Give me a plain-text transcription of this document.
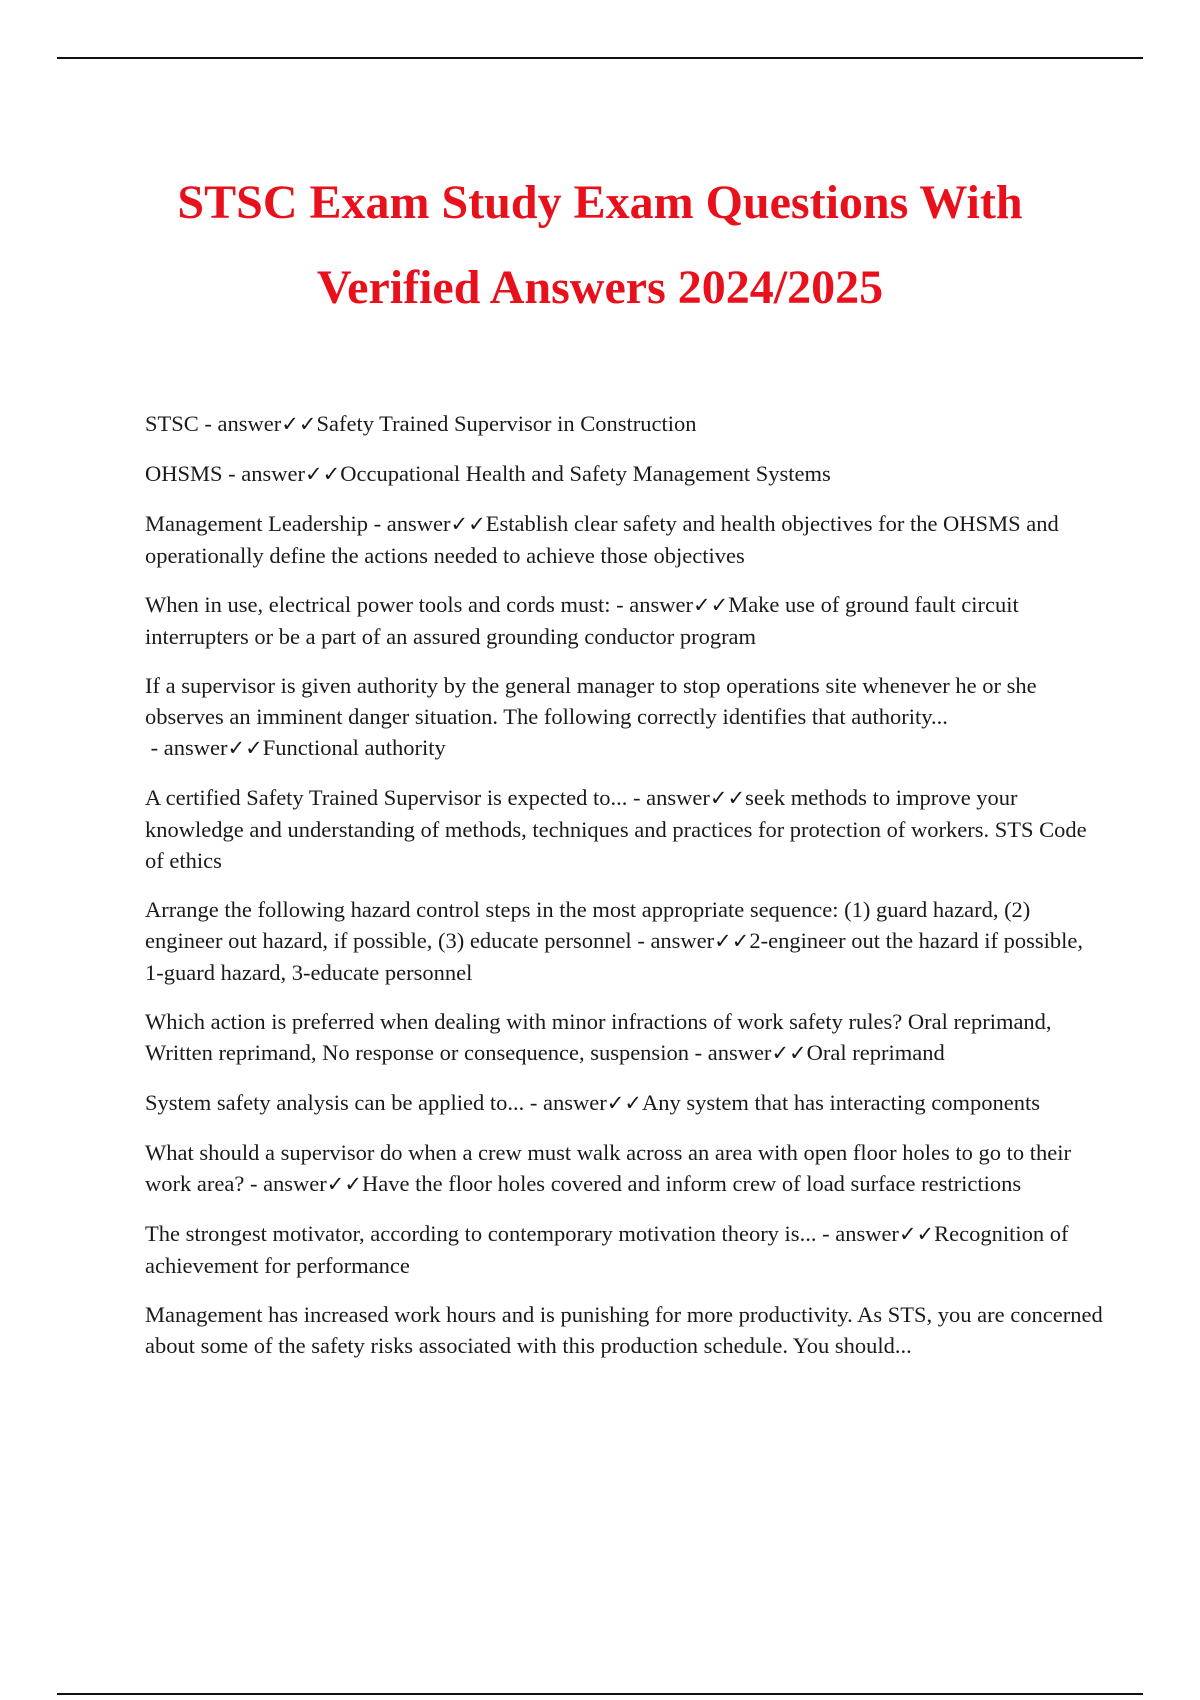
STSC Exam Study Exam Questions With
Verified Answers 2024/2025

STSC - answer✓✓Safety Trained Supervisor in Construction

OHSMS - answer✓✓Occupational Health and Safety Management Systems

Management Leadership - answer✓✓Establish clear safety and health objectives for the OHSMS and operationally define the actions needed to achieve those objectives

When in use, electrical power tools and cords must: - answer✓✓Make use of ground fault circuit interrupters or be a part of an assured grounding conductor program

If a supervisor is given authority by the general manager to stop operations site whenever he or she observes an imminent danger situation. The following correctly identifies that authority... - answer✓✓Functional authority

A certified Safety Trained Supervisor is expected to... - answer✓✓seek methods to improve your knowledge and understanding of methods, techniques and practices for protection of workers. STS Code of ethics

Arrange the following hazard control steps in the most appropriate sequence: (1) guard hazard, (2) engineer out hazard, if possible, (3) educate personnel - answer✓✓2-engineer out the hazard if possible, 1-guard hazard, 3-educate personnel

Which action is preferred when dealing with minor infractions of work safety rules? Oral reprimand, Written reprimand, No response or consequence, suspension - answer✓✓Oral reprimand

System safety analysis can be applied to... - answer✓✓Any system that has interacting components

What should a supervisor do when a crew must walk across an area with open floor holes to go to their work area? - answer✓✓Have the floor holes covered and inform crew of load surface restrictions

The strongest motivator, according to contemporary motivation theory is... - answer✓✓Recognition of achievement for performance

Management has increased work hours and is punishing for more productivity. As STS, you are concerned about some of the safety risks associated with this production schedule. You should...
